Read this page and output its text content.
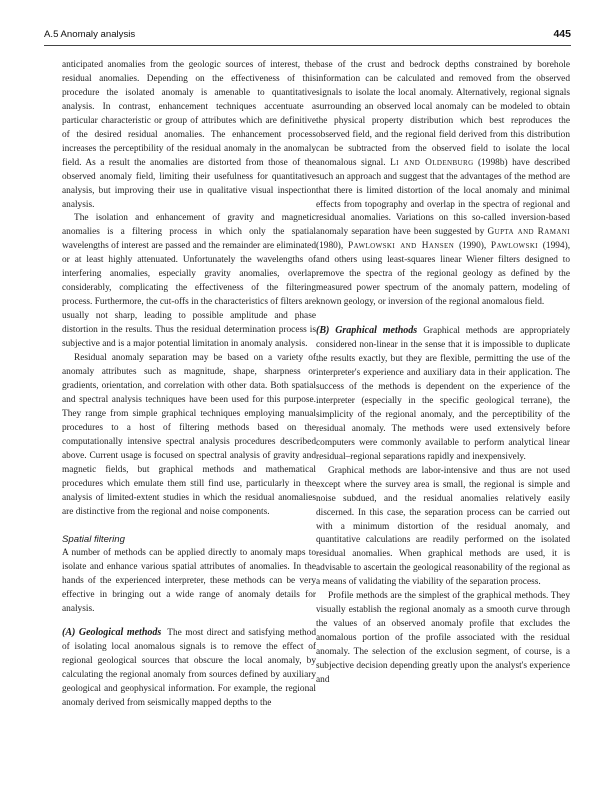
A.5 Anomaly analysis	445

anticipated anomalies from the geologic sources of interest, the residual anomalies. Depending on the effectiveness of this procedure the isolated anomaly is amenable to quantitative analysis. In contrast, enhancement techniques accentuate a particular characteristic or group of attributes which are definitive of the desired residual anomalies. The enhancement process increases the perceptibility of the residual anomaly in the anomaly field. As a result the anomalies are distorted from those of the observed anomaly field, limiting their usefulness for quantitative analysis, but improving their use in qualitative visual inspection analysis.

The isolation and enhancement of gravity and magnetic anomalies is a filtering process in which only the spatial wavelengths of interest are passed and the remainder are eliminated or at least highly attenuated. Unfortunately the wavelengths of interfering anomalies, especially gravity anomalies, overlap considerably, complicating the effectiveness of the filtering process. Furthermore, the cut-offs in the characteristics of filters are usually not sharp, leading to possible amplitude and phase distortion in the results. Thus the residual determination process is subjective and is a major potential limitation in anomaly analysis.

Residual anomaly separation may be based on a variety of anomaly attributes such as magnitude, shape, sharpness or gradients, orientation, and correlation with other data. Both spatial and spectral analysis techniques have been used for this purpose. They range from simple graphical techniques employing manual procedures to a host of filtering methods based on the computationally intensive spectral analysis procedures described above. Current usage is focused on spectral analysis of gravity and magnetic fields, but graphical methods and mathematical procedures which emulate them still find use, particularly in the analysis of limited-extent studies in which the residual anomalies are distinctive from the regional and noise components.

Spatial filtering

A number of methods can be applied directly to anomaly maps to isolate and enhance various spatial attributes of anomalies. In the hands of the experienced interpreter, these methods can be very effective in bringing out a wide range of anomaly details for analysis.

(A) Geological methods The most direct and satisfying method of isolating local anomalous signals is to remove the effect of regional geological sources that obscure the local anomaly, by calculating the regional anomaly from sources defined by auxiliary geological and geophysical information. For example, the regional anomaly derived from seismically mapped depths to the

base of the crust and bedrock depths constrained by borehole information can be calculated and removed from the observed signals to isolate the local anomaly. Alternatively, regional signals surrounding an observed local anomaly can be modeled to obtain the physical property distribution which best reproduces the observed field, and the regional field derived from this distribution can be subtracted from the observed field to isolate the local anomalous signal. Li and Oldenburg (1998b) have described such an approach and suggest that the advantages of the method are that there is limited distortion of the local anomaly and minimal effects from topography and overlap in the spectra of regional and residual anomalies. Variations on this so-called inversion-based anomaly separation have been suggested by Gupta and Ramani (1980), Pawlowski and Hansen (1990), Pawlowski (1994), and others using least-squares linear Wiener filters designed to remove the spectra of the regional geology as defined by the measured power spectrum of the anomaly pattern, modeling of known geology, or inversion of the regional anomalous field.

(B) Graphical methods Graphical methods are appropriately considered non-linear in the sense that it is impossible to duplicate the results exactly, but they are flexible, permitting the use of the interpreter's experience and auxiliary data in their application. The success of the methods is dependent on the experience of the interpreter (especially in the specific geological terrane), the simplicity of the regional anomaly, and the perceptibility of the residual anomaly. The methods were used extensively before computers were commonly available to perform analytical linear residual–regional separations rapidly and inexpensively.

Graphical methods are labor-intensive and thus are not used except where the survey area is small, the regional is simple and noise subdued, and the residual anomalies relatively easily discerned. In this case, the separation process can be carried out with a minimum distortion of the residual anomaly, and quantitative calculations are readily performed on the isolated residual anomalies. When graphical methods are used, it is advisable to ascertain the geological reasonability of the regional as a means of validating the viability of the separation process.

Profile methods are the simplest of the graphical methods. They visually establish the regional anomaly as a smooth curve through the values of an observed anomaly profile that excludes the anomalous portion of the profile associated with the residual anomaly. The selection of the exclusion segment, of course, is a subjective decision depending greatly upon the analyst's experience and
